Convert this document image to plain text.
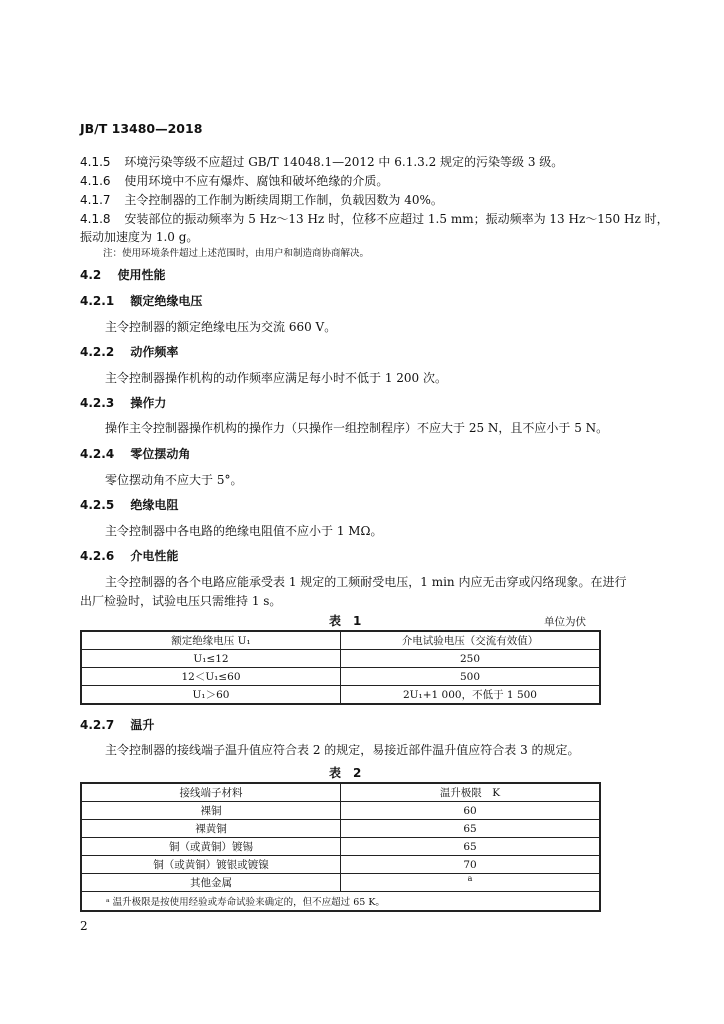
JB/T 13480—2018
4.1.5 环境污染等级不应超过 GB/T 14048.1—2012 中 6.1.3.2 规定的污染等级 3 级。
4.1.6 使用环境中不应有爆炸、腐蚀和破坏绝缘的介质。
4.1.7 主令控制器的工作制为断续周期工作制，负载因数为 40%。
4.1.8 安装部位的振动频率为 5 Hz～13 Hz 时，位移不应超过 1.5 mm；振动频率为 13 Hz～150 Hz 时，
振动加速度为 1.0 g。
注：使用环境条件超过上述范围时，由用户和制造商协商解决。
4.2 使用性能
4.2.1 额定绝缘电压
主令控制器的额定绝缘电压为交流 660 V。
4.2.2 动作频率
主令控制器操作机构的动作频率应满足每小时不低于 1 200 次。
4.2.3 操作力
操作主令控制器操作机构的操作力（只操作一组控制程序）不应大于 25 N，且不应小于 5 N。
4.2.4 零位摆动角
零位摆动角不应大于 5°。
4.2.5 绝缘电阻
主令控制器中各电路的绝缘电阻值不应小于 1 MΩ。
4.2.6 介电性能
主令控制器的各个电路应能承受表 1 规定的工频耐受电压，1 min 内应无击穿或闪络现象。在进行
出厂检验时，试验电压只需维持 1 s。
表　1	单位为伏
额定绝缘电压 U₁	介电试验电压（交流有效值）
U₁≤12	250
12＜U₁≤60	500
U₁＞60	2U₁+1 000，不低于 1 500
4.2.7 温升
主令控制器的接线端子温升值应符合表 2 的规定，易接近部件温升值应符合表 3 的规定。
表　2
接线端子材料	温升极限　K
裸铜	60
裸黄铜	65
铜（或黄铜）镀锡	65
铜（或黄铜）镀银或镀镍	70
其他金属	a
ᵃ 温升极限是按使用经验或寿命试验来确定的，但不应超过 65 K。	
2
